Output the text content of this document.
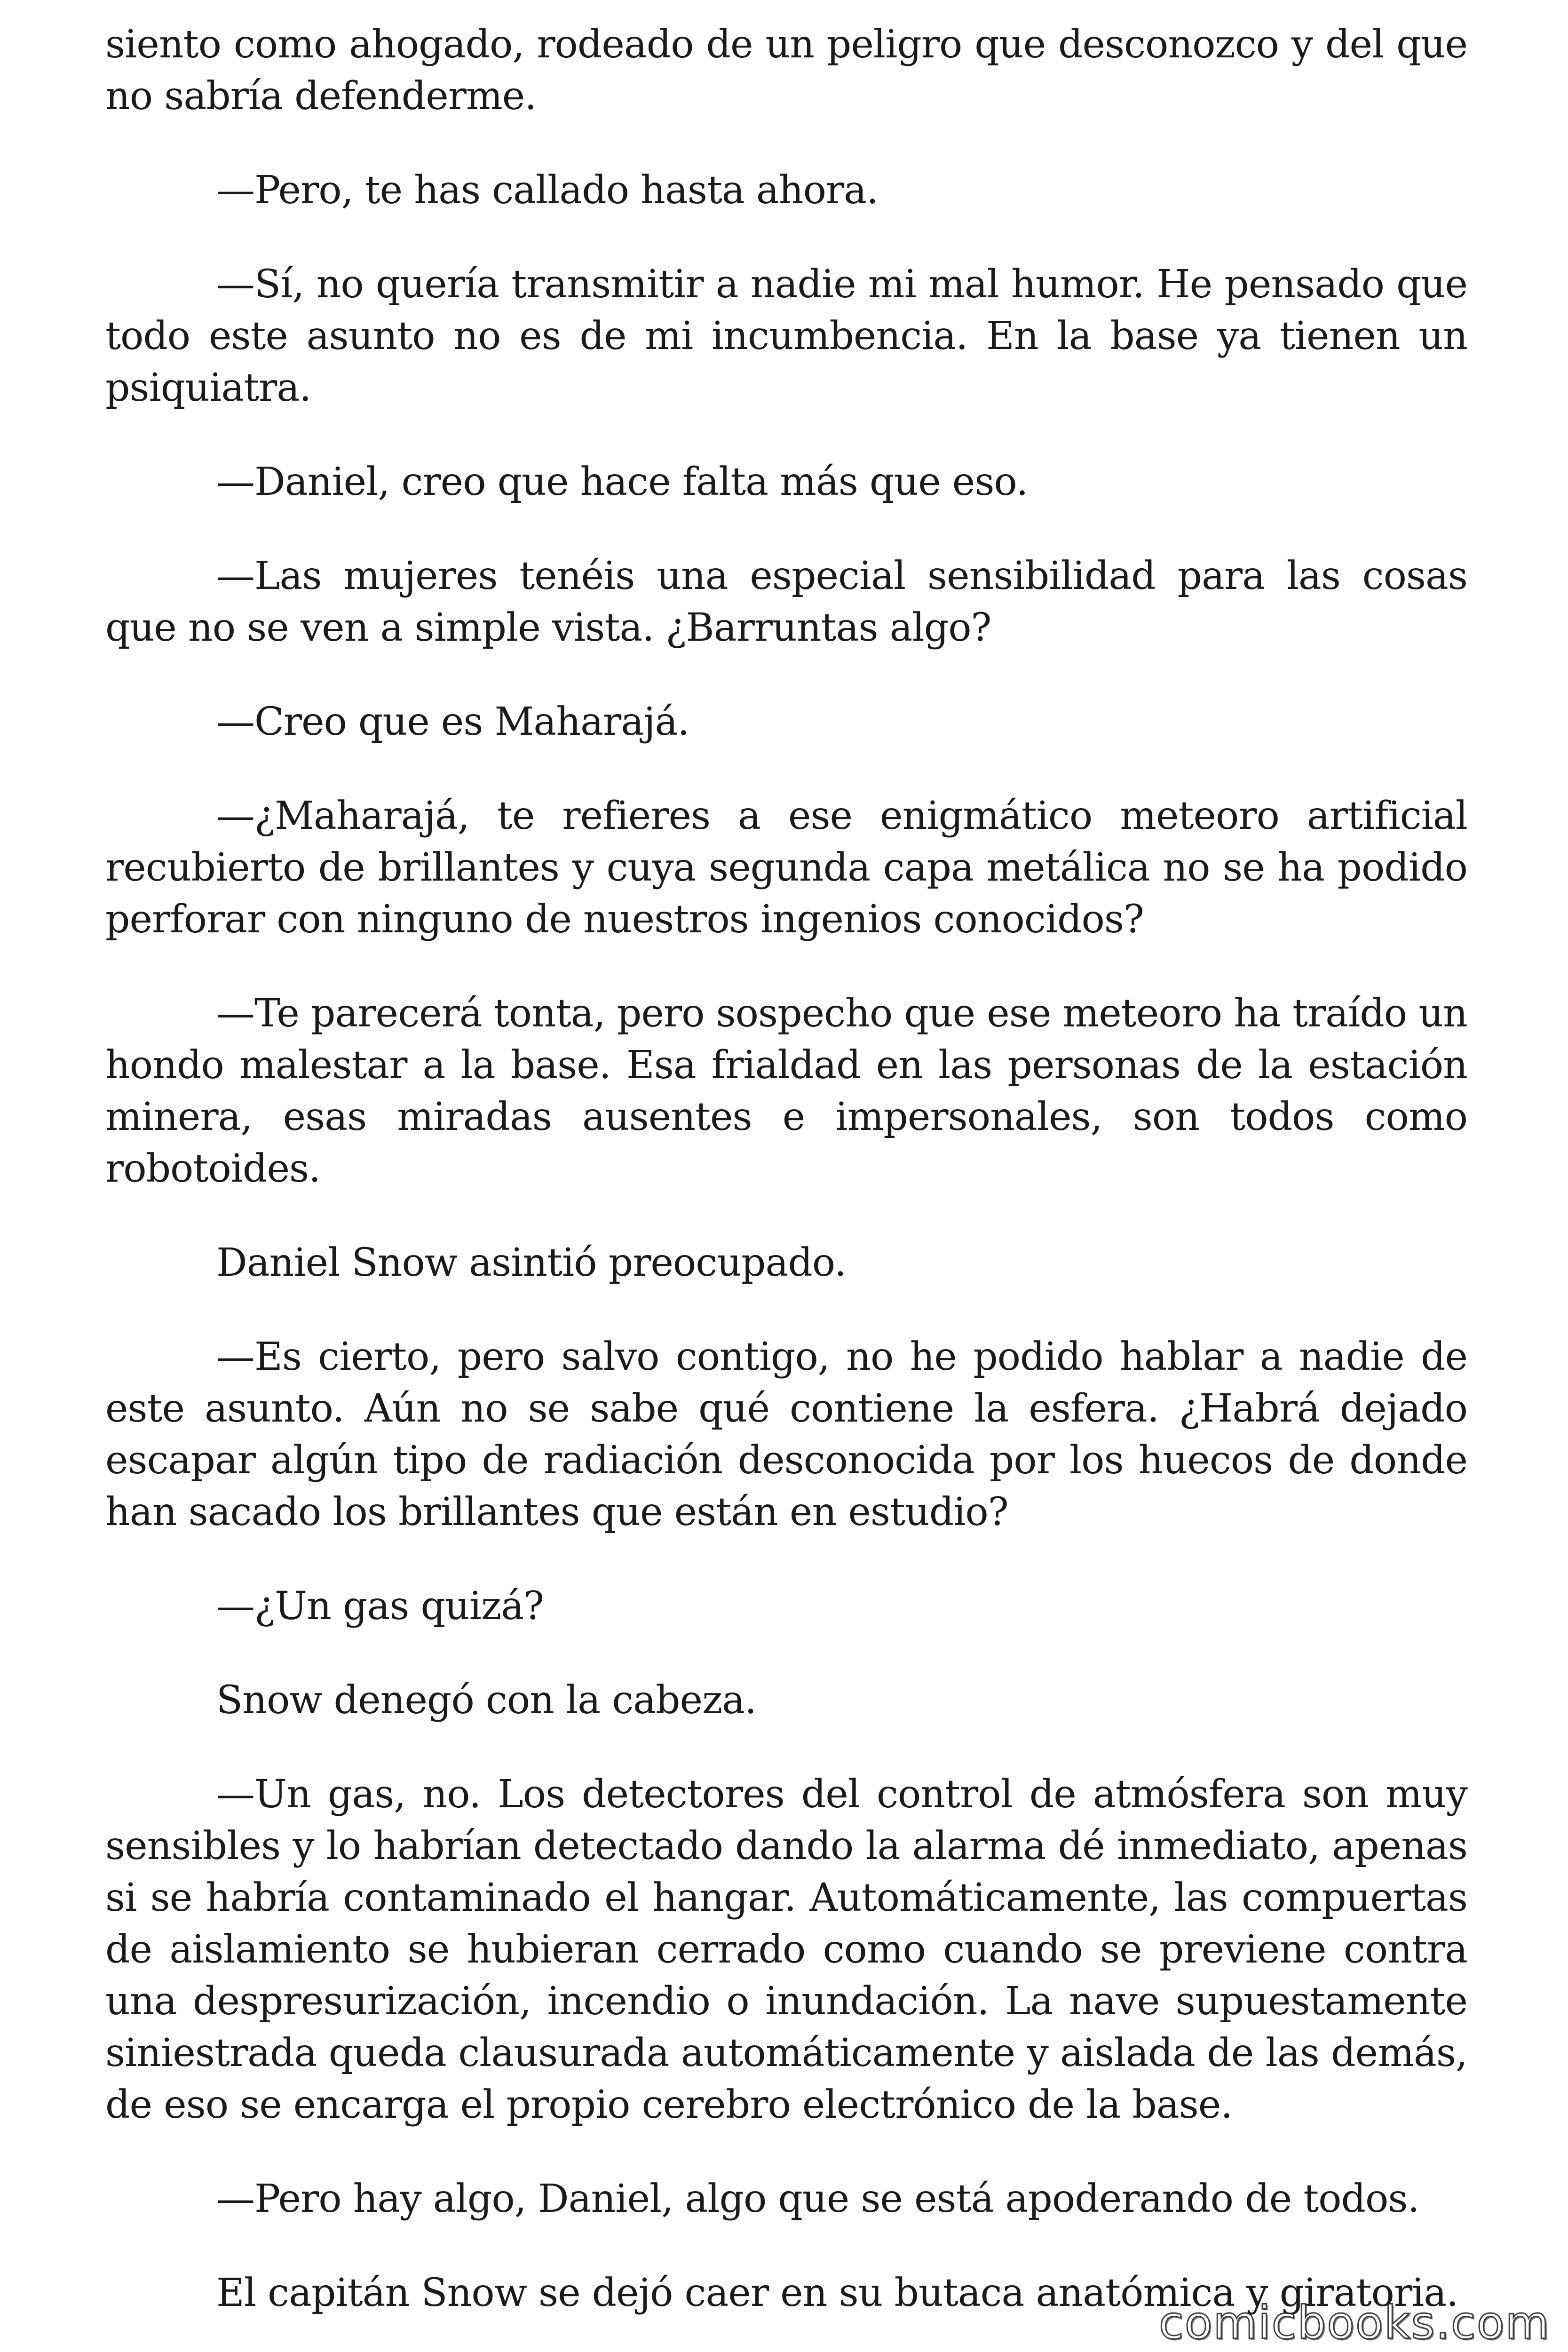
siento como ahogado, rodeado de un peligro que desconozco y del que no sabría defenderme.

—Pero, te has callado hasta ahora.

—Sí, no quería transmitir a nadie mi mal humor. He pensado que todo este asunto no es de mi incumbencia. En la base ya tienen un psiquiatra.

—Daniel, creo que hace falta más que eso.

—Las mujeres tenéis una especial sensibilidad para las cosas que no se ven a simple vista. ¿Barruntas algo?

—Creo que es Maharajá.

—¿Maharajá, te refieres a ese enigmático meteoro artificial recubierto de brillantes y cuya segunda capa metálica no se ha podido perforar con ninguno de nuestros ingenios conocidos?

—Te parecerá tonta, pero sospecho que ese meteoro ha traído un hondo malestar a la base. Esa frialdad en las personas de la estación minera, esas miradas ausentes e impersonales, son todos como robotoides.

Daniel Snow asintió preocupado.

—Es cierto, pero salvo contigo, no he podido hablar a nadie de este asunto. Aún no se sabe qué contiene la esfera. ¿Habrá dejado escapar algún tipo de radiación desconocida por los huecos de donde han sacado los brillantes que están en estudio?

—¿Un gas quizá?

Snow denegó con la cabeza.

—Un gas, no. Los detectores del control de atmósfera son muy sensibles y lo habrían detectado dando la alarma dé inmediato, apenas si se habría contaminado el hangar. Automáticamente, las compuertas de aislamiento se hubieran cerrado como cuando se previene contra una despresurización, incendio o inundación. La nave supuestamente siniestrada queda clausurada automáticamente y aislada de las demás, de eso se encarga el propio cerebro electrónico de la base.

—Pero hay algo, Daniel, algo que se está apoderando de todos.

El capitán Snow se dejó caer en su butaca anatómica y giratoria.

comicbooks.com
